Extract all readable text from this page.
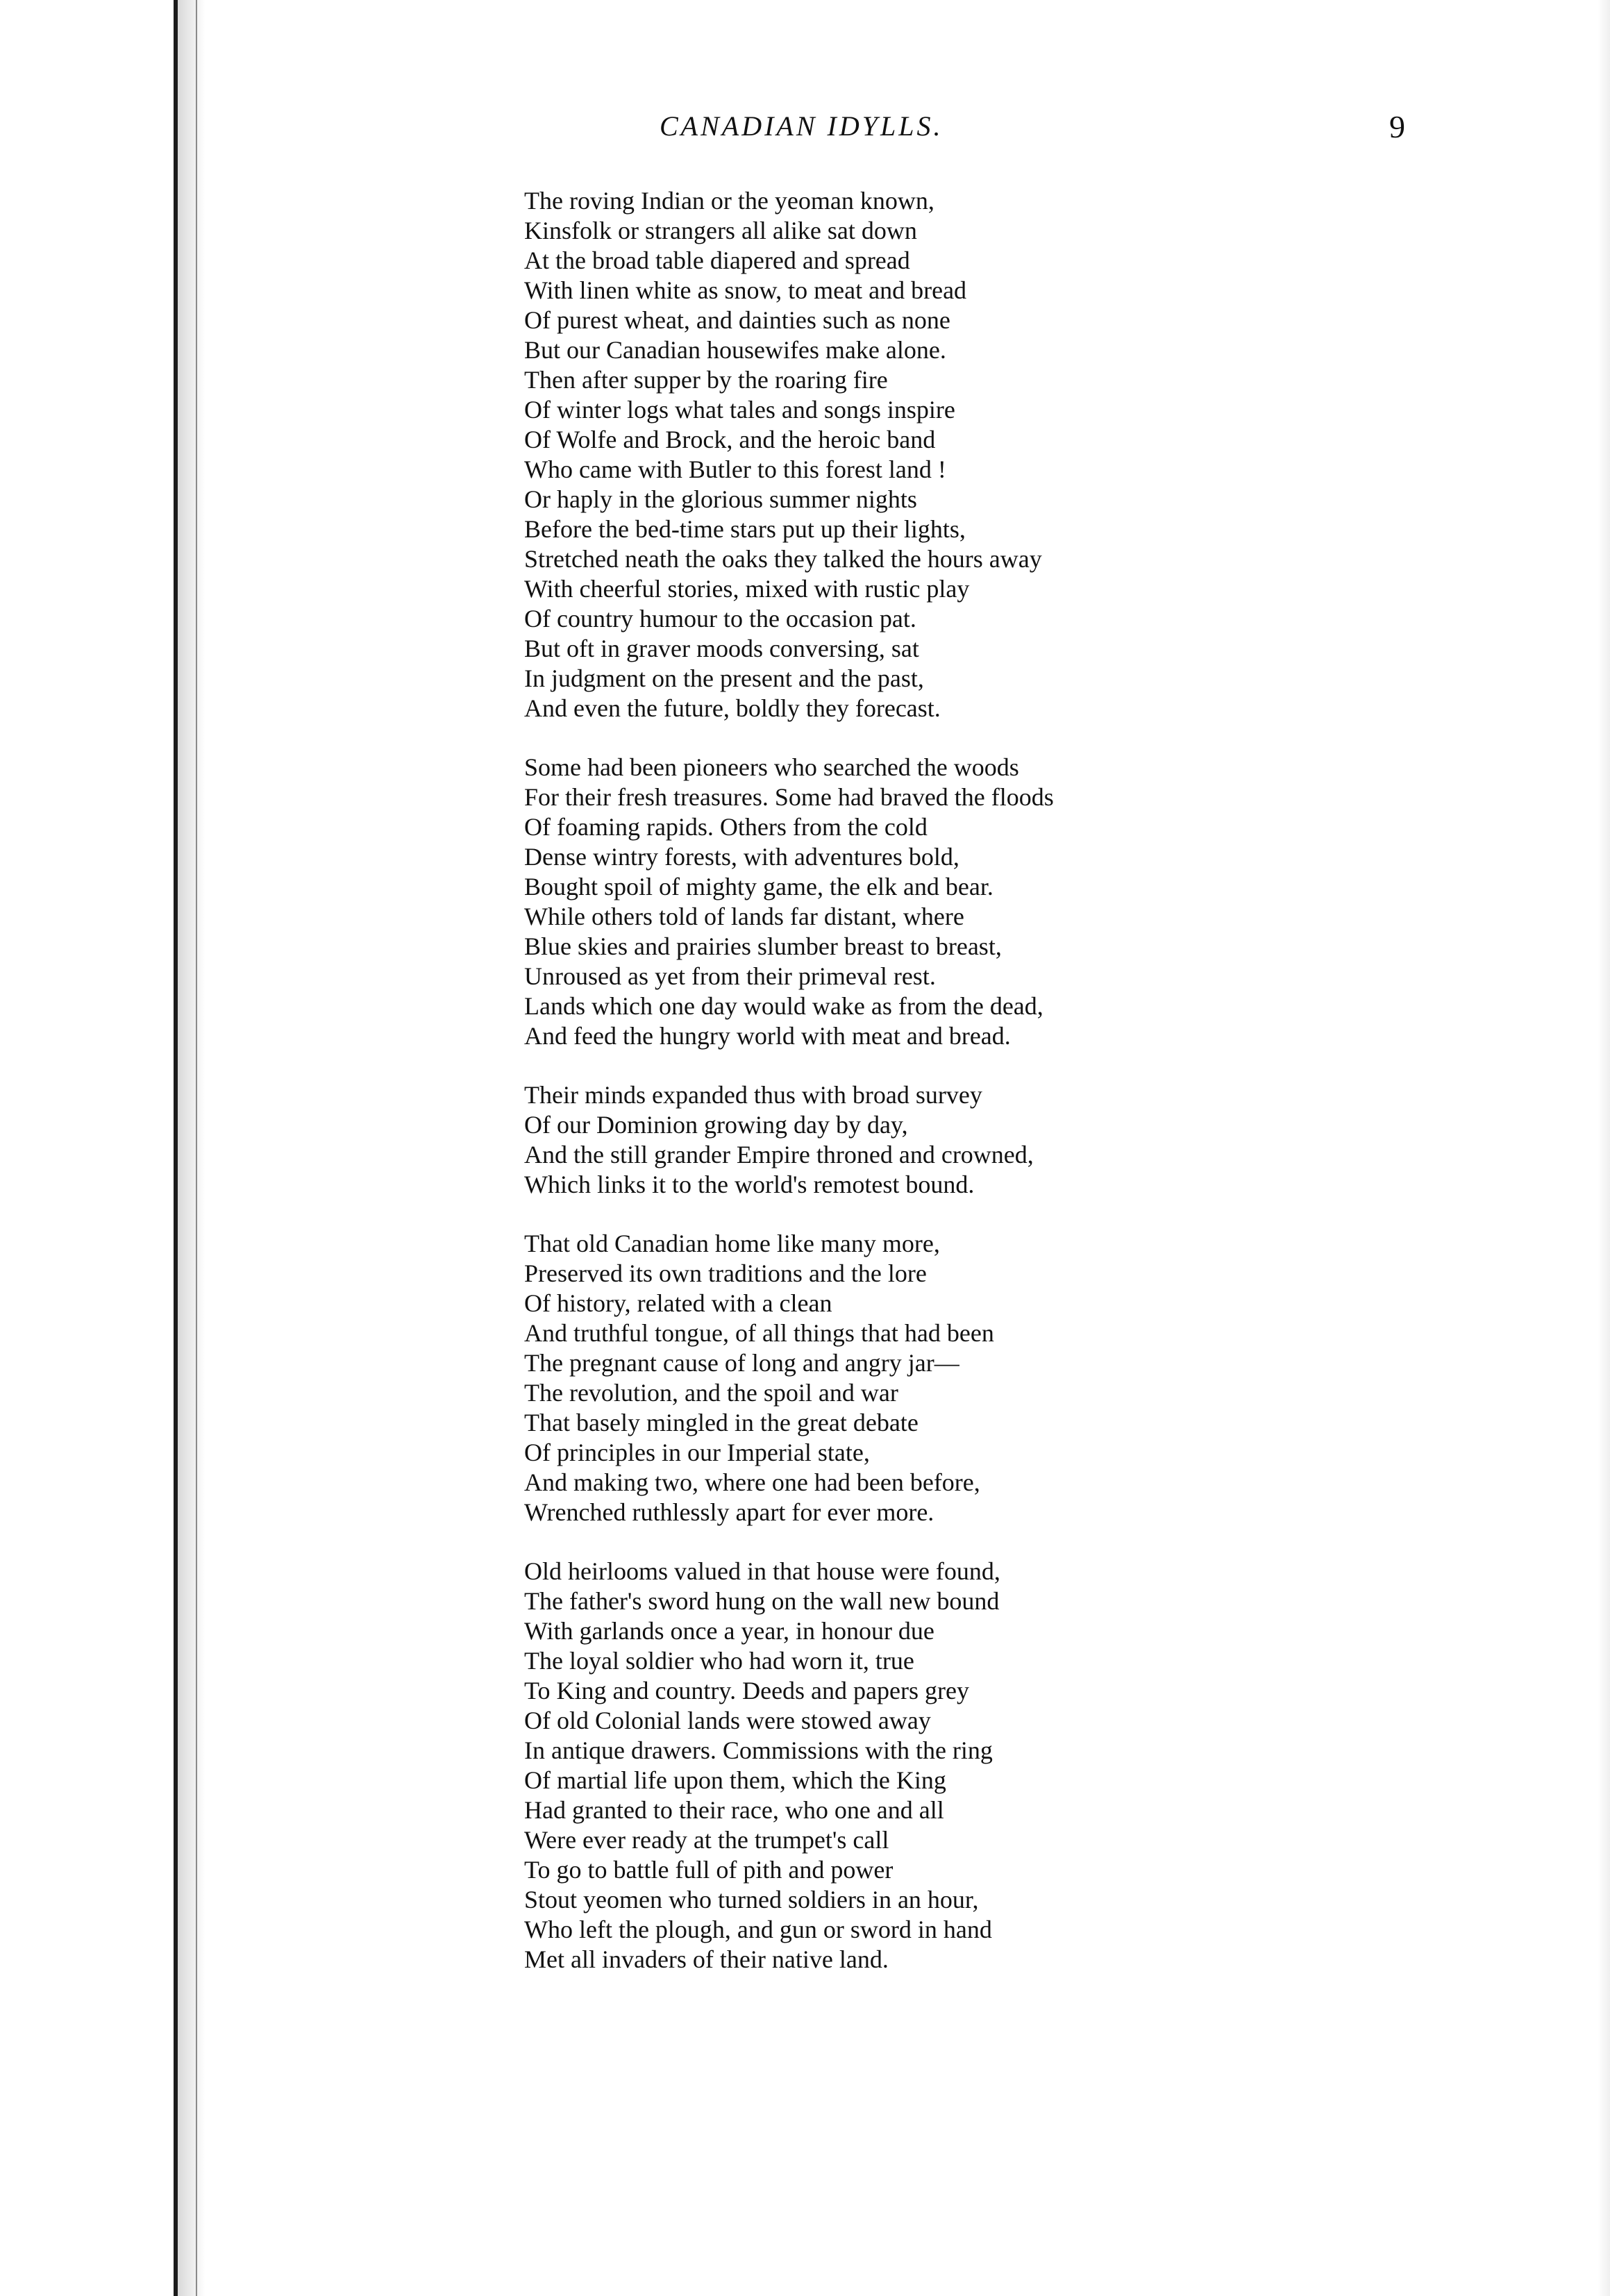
CANADIAN IDYLLS.	9
The roving Indian or the yeoman known,
Kinsfolk or strangers all alike sat down
At the broad table diapered and spread
With linen white as snow, to meat and bread
Of purest wheat, and dainties such as none
But our Canadian housewifes make alone.
Then after supper by the roaring fire
Of winter logs what tales and songs inspire
Of Wolfe and Brock, and the heroic band
Who came with Butler to this forest land !
Or haply in the glorious summer nights
Before the bed-time stars put up their lights,
Stretched neath the oaks they talked the hours away
With cheerful stories, mixed with rustic play
Of country humour to the occasion pat.
But oft in graver moods conversing, sat
In judgment on the present and the past,
And even the future, boldly they forecast.
Some had been pioneers who searched the woods
For their fresh treasures. Some had braved the floods
Of foaming rapids. Others from the cold
Dense wintry forests, with adventures bold,
Bought spoil of mighty game, the elk and bear.
While others told of lands far distant, where
Blue skies and prairies slumber breast to breast,
Unroused as yet from their primeval rest.
Lands which one day would wake as from the dead,
And feed the hungry world with meat and bread.
Their minds expanded thus with broad survey
Of our Dominion growing day by day,
And the still grander Empire throned and crowned,
Which links it to the world's remotest bound.
That old Canadian home like many more,
Preserved its own traditions and the lore
Of history, related with a clean
And truthful tongue, of all things that had been
The pregnant cause of long and angry jar—
The revolution, and the spoil and war
That basely mingled in the great debate
Of principles in our Imperial state,
And making two, where one had been before,
Wrenched ruthlessly apart for ever more.
Old heirlooms valued in that house were found,
The father's sword hung on the wall new bound
With garlands once a year, in honour due
The loyal soldier who had worn it, true
To King and country. Deeds and papers grey
Of old Colonial lands were stowed away
In antique drawers. Commissions with the ring
Of martial life upon them, which the King
Had granted to their race, who one and all
Were ever ready at the trumpet's call
To go to battle full of pith and power
Stout yeomen who turned soldiers in an hour,
Who left the plough, and gun or sword in hand
Met all invaders of their native land.
